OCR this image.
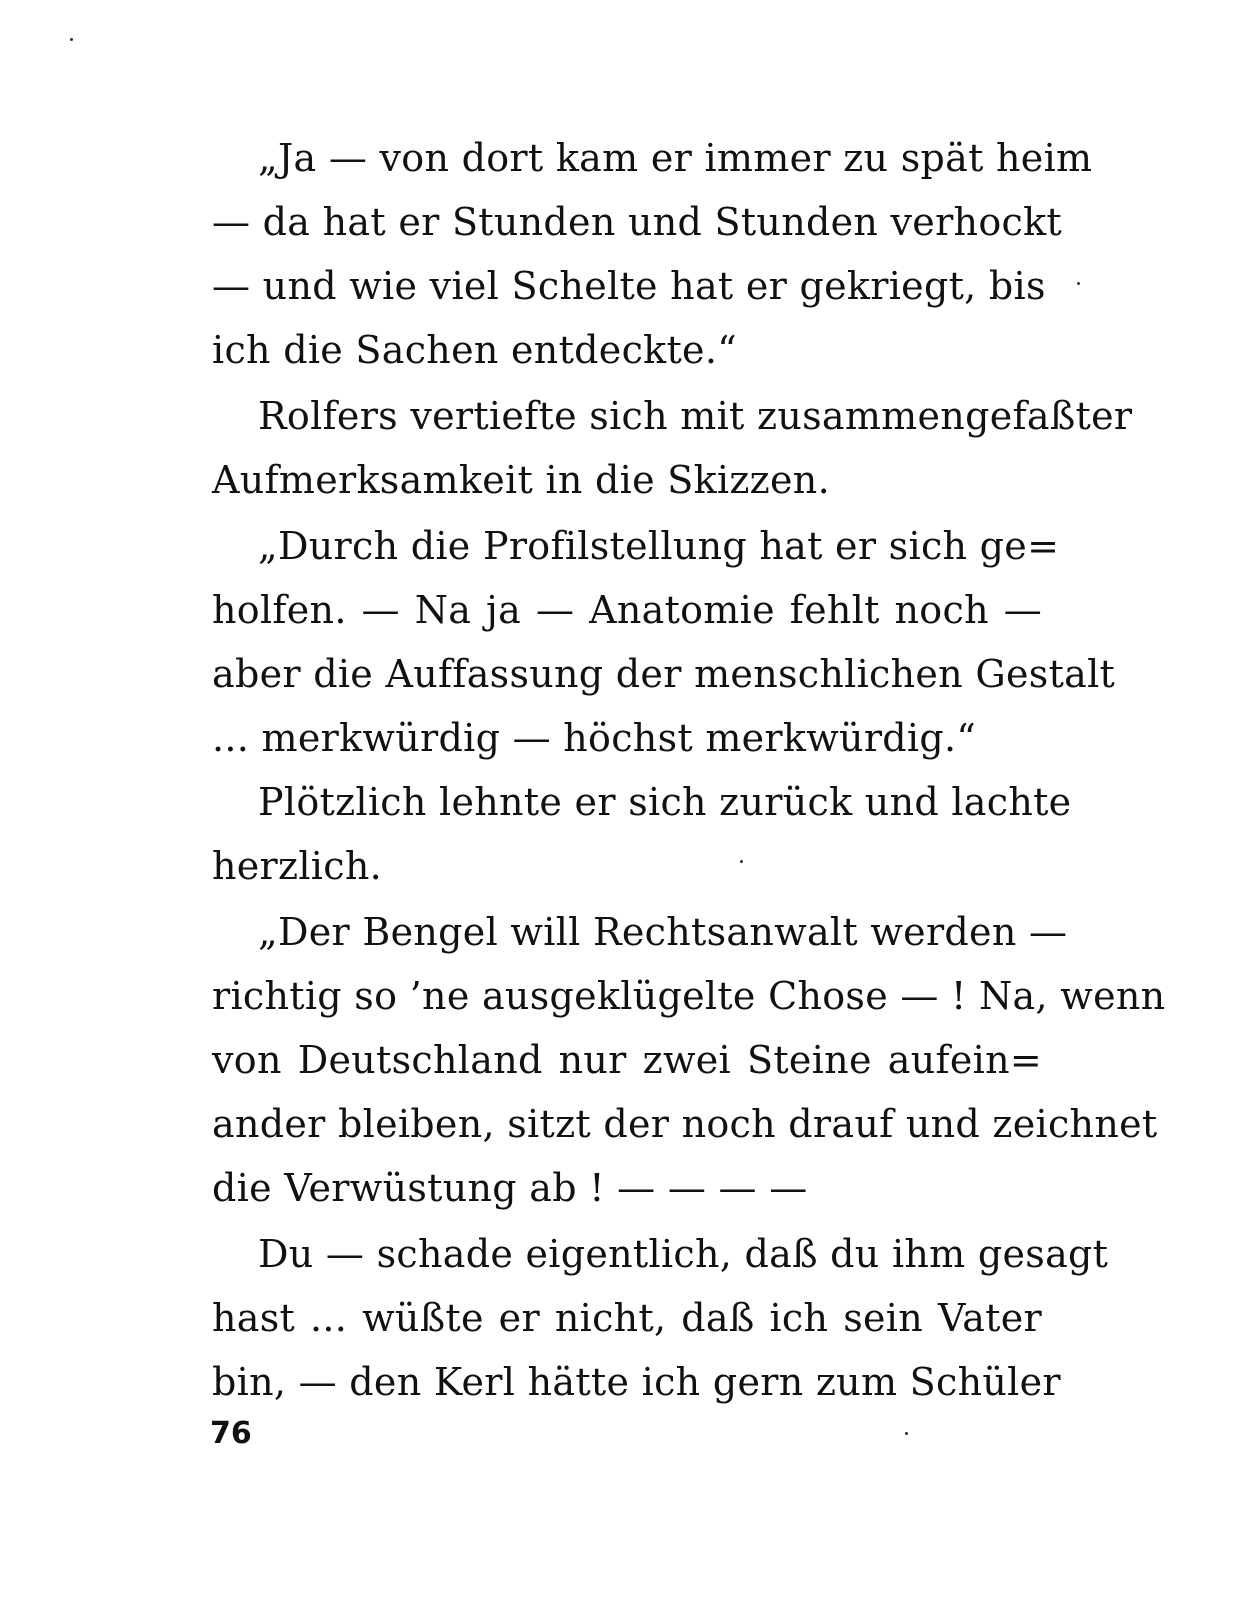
„Ja — von dort kam er immer zu spät heim
— da hat er Stunden und Stunden verhockt
— und wie viel Schelte hat er gekriegt, bis
ich die Sachen entdeckte.“
Rolfers vertiefte sich mit zusammengefaßter
Aufmerksamkeit in die Skizzen.
„Durch die Profilstellung hat er sich ge=
holfen. — Na ja — Anatomie fehlt noch —
aber die Auffassung der menschlichen Gestalt
... merkwürdig — höchst merkwürdig.“
Plötzlich lehnte er sich zurück und lachte
herzlich.
„Der Bengel will Rechtsanwalt werden —
richtig so ’ne ausgeklügelte Chose — ! Na, wenn
von Deutschland nur zwei Steine aufein=
ander bleiben, sitzt der noch drauf und zeichnet
die Verwüstung ab ! — — — —
Du — schade eigentlich, daß du ihm gesagt
hast ... wüßte er nicht, daß ich sein Vater
bin, — den Kerl hätte ich gern zum Schüler
76
